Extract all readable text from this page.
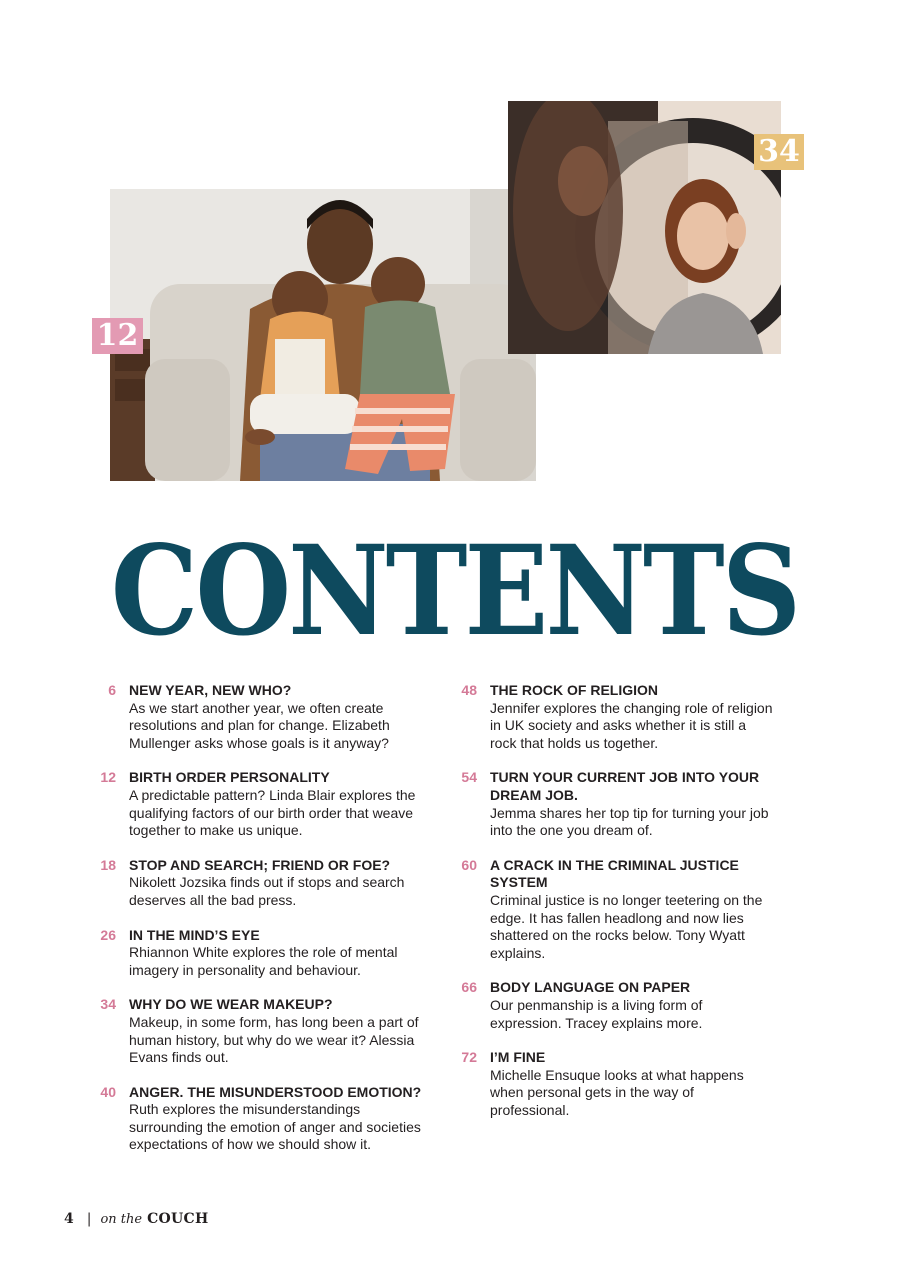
12
34
CONTENTS
6 NEW YEAR, NEW WHO?
As we start another year, we often create resolutions and plan for change. Elizabeth Mullenger asks whose goals is it anyway?
12 BIRTH ORDER PERSONALITY
A predictable pattern? Linda Blair explores the qualifying factors of our birth order that weave together to make us unique.
18 STOP AND SEARCH; FRIEND OR FOE?
Nikolett Jozsika finds out if stops and search deserves all the bad press.
26 IN THE MIND’S EYE
Rhiannon White explores the role of mental imagery in personality and behaviour.
34 WHY DO WE WEAR MAKEUP?
Makeup, in some form, has long been a part of human history, but why do we wear it? Alessia Evans finds out.
40 ANGER. THE MISUNDERSTOOD EMOTION?
Ruth explores the misunderstandings surrounding the emotion of anger and societies expectations of how we should show it.
48 THE ROCK OF RELIGION
Jennifer explores the changing role of religion in UK society and asks whether it is still a rock that holds us together.
54 TURN YOUR CURRENT JOB INTO YOUR DREAM JOB.
Jemma shares her top tip for turning your job into the one you dream of.
60 A CRACK IN THE CRIMINAL JUSTICE SYSTEM
Criminal justice is no longer teetering on the edge. It has fallen headlong and now lies shattered on the rocks below. Tony Wyatt explains.
66 BODY LANGUAGE ON PAPER
Our penmanship is a living form of expression. Tracey explains more.
72 I’M FINE
Michelle Ensuque looks at what happens when personal gets in the way of professional.
4 | on the COUCH
